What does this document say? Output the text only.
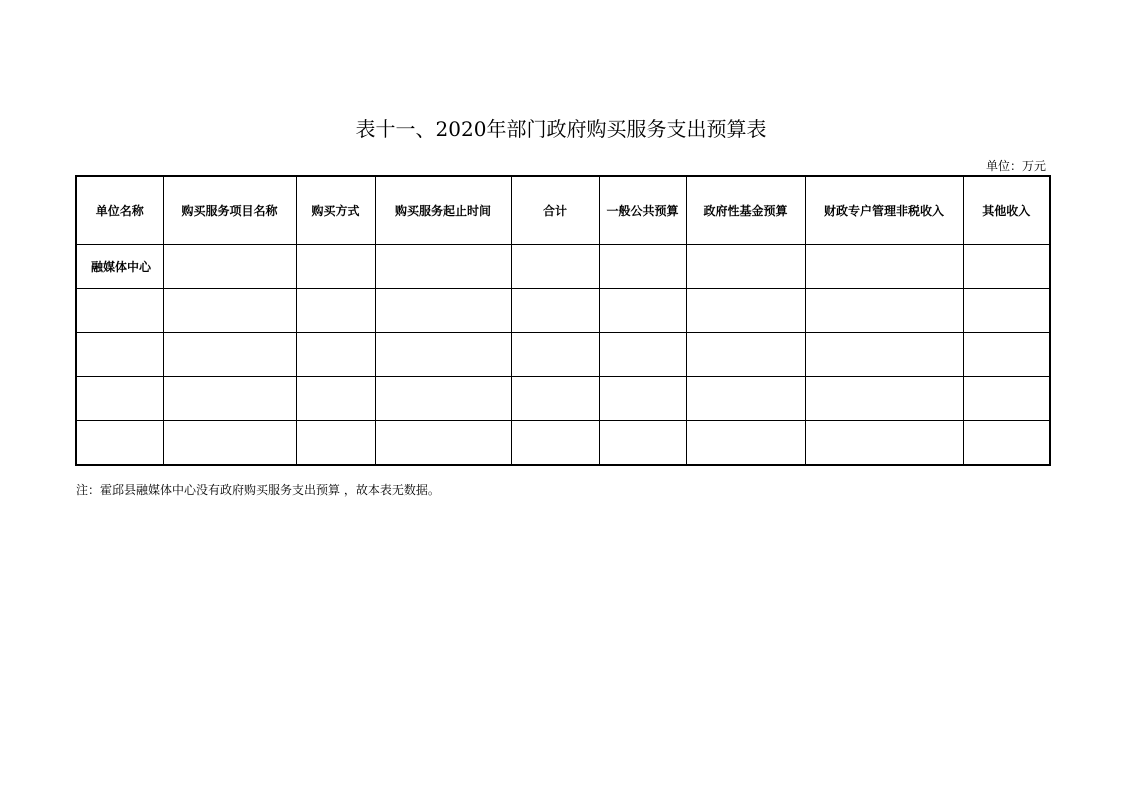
表十一、2020年部门政府购买服务支出预算表
单位：万元
单位名称	购买服务项目名称	购买方式	购买服务起止时间	合计	一般公共预算	政府性基金预算	财政专户管理非税收入	其他收入
融媒体中心								

注：霍邱县融媒体中心没有政府购买服务支出预算 ，故本表无数据。
